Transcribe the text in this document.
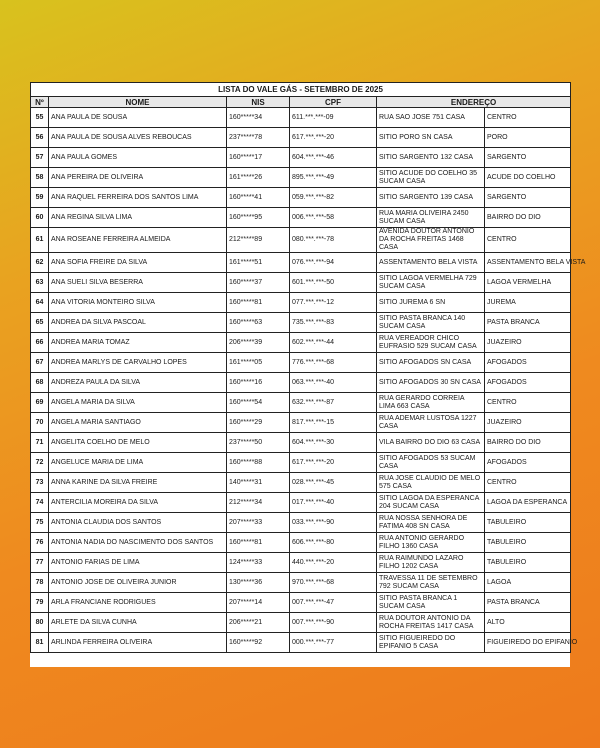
LISTA DO VALE GÁS - SETEMBRO DE 2025					
Nº	NOME	NIS	CPF	ENDEREÇO	
55	ANA PAULA DE SOUSA	160*****34	611.***.***-09	RUA SAO JOSE 751 CASA	CENTRO
56	ANA PAULA DE SOUSA ALVES REBOUCAS	237*****78	617.***.***-20	SITIO PORO SN CASA	PORO
57	ANA PAULA GOMES	160*****17	604.***.***-46	SITIO SARGENTO 132 CASA	SARGENTO
58	ANA PEREIRA DE OLIVEIRA	161*****26	895.***.***-49	SITIO ACUDE DO COELHO 35 SUCAM CASA	ACUDE DO COELHO
59	ANA RAQUEL FERREIRA DOS SANTOS LIMA	160*****41	059.***.***-82	SITIO SARGENTO 139 CASA	SARGENTO
60	ANA REGINA SILVA LIMA	160*****95	006.***.***-58	RUA MARIA OLIVEIRA 2450 SUCAM CASA	BAIRRO DO DIO
61	ANA ROSEANE FERREIRA ALMEIDA	212*****89	080.***.***-78	AVENIDA DOUTOR ANTONIO DA ROCHA FREITAS 1468 CASA	CENTRO
62	ANA SOFIA FREIRE DA SILVA	161*****51	076.***.***-94	ASSENTAMENTO BELA VISTA	ASSENTAMENTO BELA VISTA
63	ANA SUELI SILVA BESERRA	160*****37	601.***.***-50	SITIO LAGOA VERMELHA 729 SUCAM CASA	LAGOA VERMELHA
64	ANA VITORIA MONTEIRO SILVA	160*****81	077.***.***-12	SITIO JUREMA 6 SN	JUREMA
65	ANDREA DA SILVA PASCOAL	160*****63	735.***.***-83	SITIO PASTA BRANCA 140 SUCAM CASA	PASTA BRANCA
66	ANDREA MARIA TOMAZ	206*****39	602.***.***-44	RUA VEREADOR CHICO EUFRASIO 529 SUCAM CASA	JUAZEIRO
67	ANDREA MARLYS DE CARVALHO LOPES	161*****05	776.***.***-68	SITIO AFOGADOS SN CASA	AFOGADOS
68	ANDREZA PAULA DA SILVA	160*****16	063.***.***-40	SITIO AFOGADOS 30 SN CASA	AFOGADOS
69	ANGELA MARIA DA SILVA	160*****54	632.***.***-87	RUA GERARDO CORREIA LIMA 663 CASA	CENTRO
70	ANGELA MARIA SANTIAGO	160*****29	817.***.***-15	RUA ADEMAR LUSTOSA 1227 CASA	JUAZEIRO
71	ANGELITA COELHO DE MELO	237*****50	604.***.***-30	VILA BAIRRO DO DIO 63 CASA	BAIRRO DO DIO
72	ANGELUCE MARIA DE LIMA	160*****88	617.***.***-20	SITIO AFOGADOS 53 SUCAM CASA	AFOGADOS
73	ANNA KARINE DA SILVA FREIRE	140*****31	028.***.***-45	RUA JOSE CLAUDIO DE MELO 575 CASA	CENTRO
74	ANTERCILIA MOREIRA DA SILVA	212*****34	017.***.***-40	SITIO LAGOA DA ESPERANCA 204 SUCAM CASA	LAGOA DA ESPERANCA
75	ANTONIA CLAUDIA DOS SANTOS	207*****33	033.***.***-90	RUA NOSSA SENHORA DE FATIMA 408 SN CASA	TABULEIRO
76	ANTONIA NADIA DO NASCIMENTO DOS SANTOS	160*****81	606.***.***-80	RUA ANTONIO GERARDO FILHO 1360 CASA	TABULEIRO
77	ANTONIO FARIAS DE LIMA	124*****33	440.***.***-20	RUA RAIMUNDO LAZARO FILHO 1202 CASA	TABULEIRO
78	ANTONIO JOSE DE OLIVEIRA JUNIOR	130*****36	970.***.***-68	TRAVESSA 11 DE SETEMBRO 792 SUCAM CASA	LAGOA
79	ARLA FRANCIANE RODRIGUES	207*****14	007.***.***-47	SITIO PASTA BRANCA 1 SUCAM CASA	PASTA BRANCA
80	ARLETE DA SILVA CUNHA	206*****21	007.***.***-90	RUA DOUTOR ANTONIO DA ROCHA FREITAS 1417 CASA	ALTO
81	ARLINDA FERREIRA OLIVEIRA	160*****92	000.***.***-77	SITIO FIGUEIREDO DO EPIFANIO 5 CASA	FIGUEIREDO DO EPIFANIO
